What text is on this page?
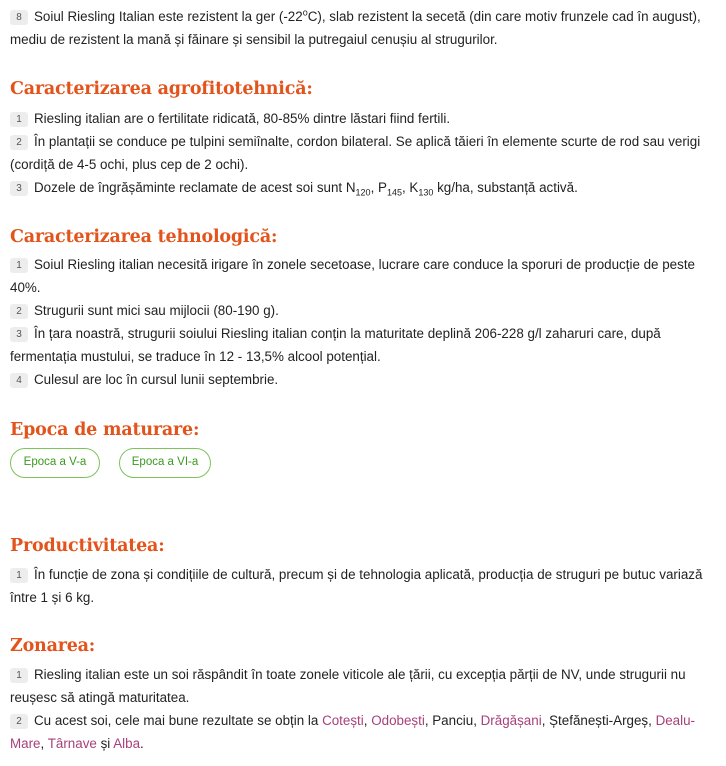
8 Soiul Riesling Italian este rezistent la ger (-22$^o$C), slab rezistent la secetă (din care motiv frunzele cad în august), mediu de rezistent la mană și făinare și sensibil la putregaiul cenușiu al strugurilor.

Caracterizarea agrofitotehnică:

1 Riesling italian are o fertilitate ridicată, 80-85% dintre lăstari fiind fertili.

2 În plantații se conduce pe tulpini semiînalte, cordon bilateral. Se aplică tăieri în elemente scurte de rod sau verigi (cordiță de 4-5 ochi, plus cep de 2 ochi).

3 Dozele de îngrășăminte reclamate de acest soi sunt $N_{120}$, $P_{145}$, $K_{130}$ kg/ha, substanță activă.

Caracterizarea tehnologică:

1 Soiul Riesling italian necesită irigare în zonele secetoase, lucrare care conduce la sporuri de producție de peste 40%.

2 Strugurii sunt mici sau mijlocii (80-190 g).

3 În țara noastră, strugurii soiului Riesling italian conțin la maturitate deplină 206-228 g/l zaharuri care, după fermentația mustului, se traduce în 12 - 13,5% alcool potențial.

4 Culesul are loc în cursul lunii septembrie.

Epoca de maturare:
Epoca a V-a	Epoca a VI-a
Productivitatea:

1 În funcție de zona și condițiile de cultură, precum și de tehnologia aplicată, producția de struguri pe butuc variază între 1 și 6 kg.

Zonarea:

1 Riesling italian este un soi răspândit în toate zonele viticole ale țării, cu excepția părții de NV, unde strugurii nu reușesc să atingă maturitatea.

2 Cu acest soi, cele mai bune rezultate se obțin la Cotești, Odobești, Panciu, Drăgășani, Ștefănești-Argeș, Dealu-Mare, Târnave și Alba.
